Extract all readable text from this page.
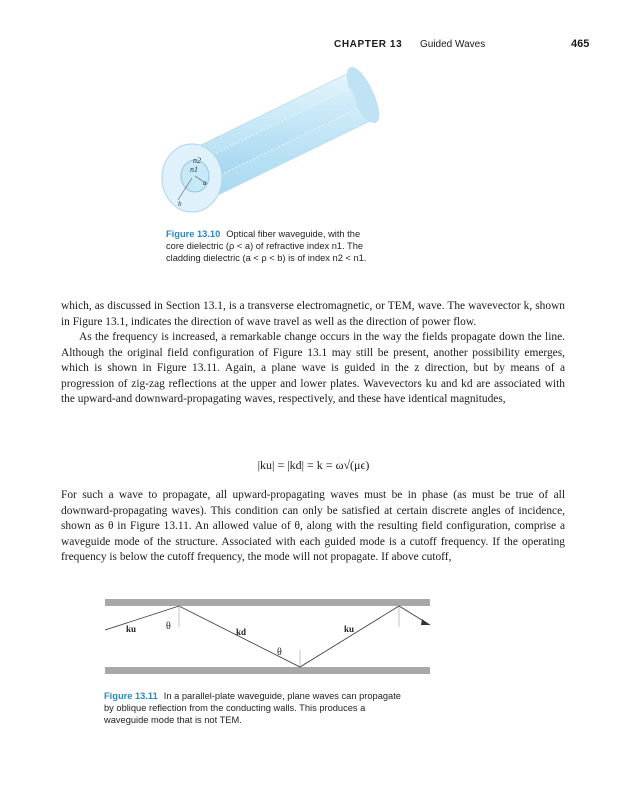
CHAPTER 13 Guided Waves	465
n2
n1
a
b
Figure 13.10 Optical fiber waveguide, with the core dielectric (ρ < a) of refractive index n1. The cladding dielectric (a < ρ < b) is of index n2 < n1.

which, as discussed in Section 13.1, is a transverse electromagnetic, or TEM, wave. The wavevector k, shown in Figure 13.1, indicates the direction of wave travel as well as the direction of power flow.

As the frequency is increased, a remarkable change occurs in the way the fields propagate down the line. Although the original field configuration of Figure 13.1 may still be present, another possibility emerges, which is shown in Figure 13.11. Again, a plane wave is guided in the z direction, but by means of a progression of zig-zag reflections at the upper and lower plates. Wavevectors ku and kd are associated with the upward-and downward-propagating waves, respectively, and these have identical magnitudes,

|ku| = |kd| = k = ω√(μϵ)

For such a wave to propagate, all upward-propagating waves must be in phase (as must be true of all downward-propagating waves). This condition can only be satisfied at certain discrete angles of incidence, shown as θ in Figure 13.11. An allowed value of θ, along with the resulting field configuration, comprise a waveguide mode of the structure. Associated with each guided mode is a cutoff frequency. If the operating frequency is below the cutoff frequency, the mode will not propagate. If above cutoff,

ku	θ	kd
θ
ku
Figure 13.11 In a parallel-plate waveguide, plane waves can propagate by oblique reflection from the conducting walls. This produces a waveguide mode that is not TEM.
